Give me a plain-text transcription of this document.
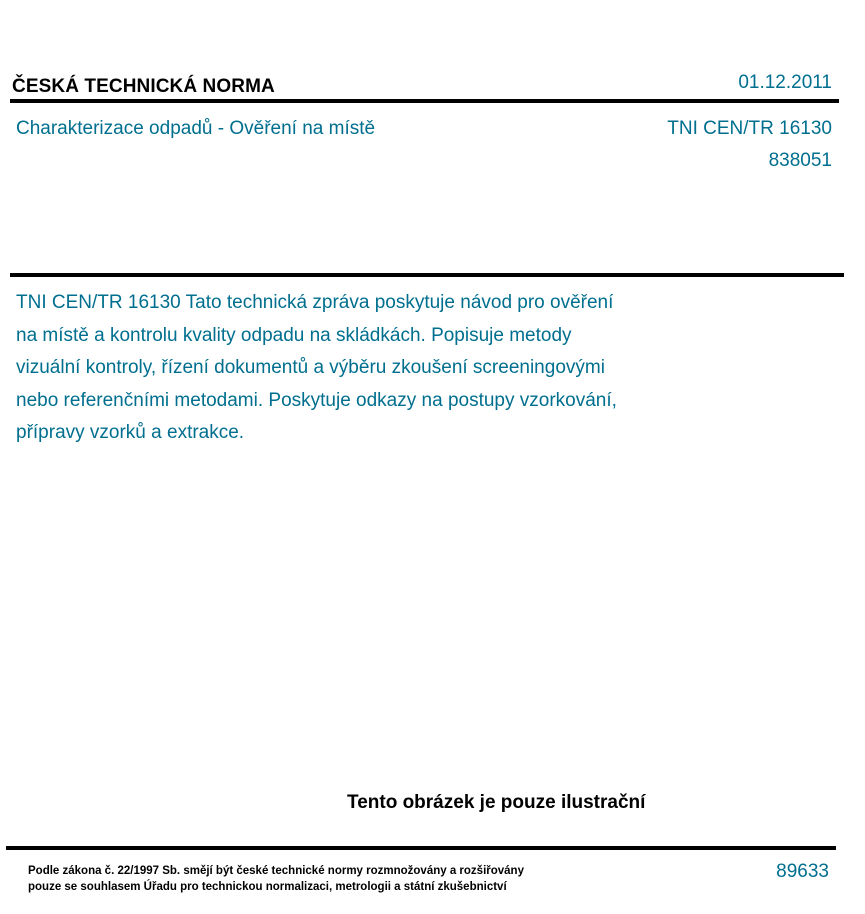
ČESKÁ TECHNICKÁ NORMA	01.12.2011
Charakterizace odpadů - Ověření na místě	TNI CEN/TR 16130
838051
TNI CEN/TR 16130 Tato technická zpráva poskytuje návod pro ověření
na místě a kontrolu kvality odpadu na skládkách. Popisuje metody
vizuální kontroly, řízení dokumentů a výběru zkoušení screeningovými
nebo referenčními metodami. Poskytuje odkazy na postupy vzorkování,
přípravy vzorků a extrakce.
Tento obrázek je pouze ilustrační
Podle zákona č. 22/1997 Sb. smějí být české technické normy rozmnožovány a rozšiřovány
pouze se souhlasem Úřadu pro technickou normalizaci, metrologii a státní zkušebnictví
89633
